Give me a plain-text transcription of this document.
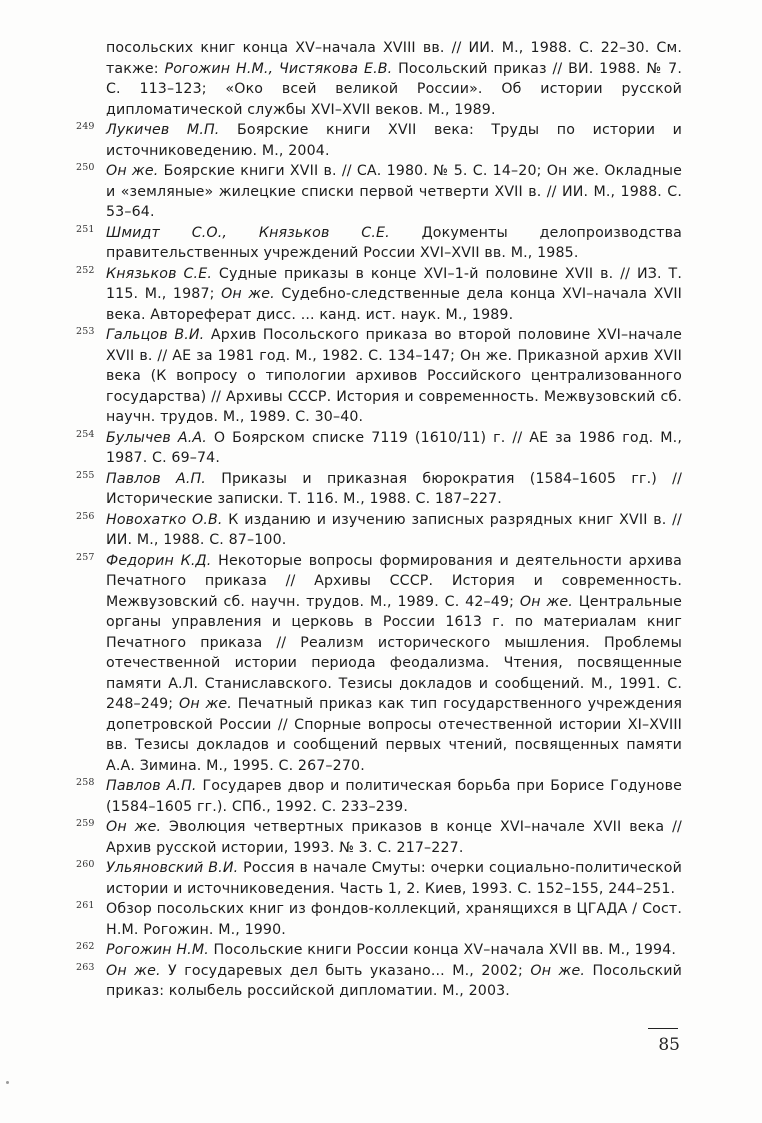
посольских книг конца XV–начала XVIII вв. // ИИ. М., 1988. С. 22–30. См. также: Рогожин Н.М., Чистякова Е.В. Посольский приказ // ВИ. 1988. № 7. С. 113–123; «Око всей великой России». Об истории русской дипломатической службы XVI–XVII веков. М., 1989.
249 Лукичев М.П. Боярские книги XVII века: Труды по истории и источниковедению. М., 2004.
250 Он же. Боярские книги XVII в. // СА. 1980. № 5. С. 14–20; Он же. Окладные и «земляные» жилецкие списки первой четверти XVII в. // ИИ. М., 1988. С. 53–64.
251 Шмидт С.О., Князьков С.Е. Документы делопроизводства правительственных учреждений России XVI–XVII вв. М., 1985.
252 Князьков С.Е. Судные приказы в конце XVI–1-й половине XVII в. // ИЗ. Т. 115. М., 1987; Он же. Судебно-следственные дела конца XVI–начала XVII века. Автореферат дисс. ... канд. ист. наук. М., 1989.
253 Гальцов В.И. Архив Посольского приказа во второй половине XVI–начале XVII в. // АЕ за 1981 год. М., 1982. С. 134–147; Он же. Приказной архив XVII века (К вопросу о типологии архивов Российского централизованного государства) // Архивы СССР. История и современность. Межвузовский сб. научн. трудов. М., 1989. С. 30–40.
254 Булычев А.А. О Боярском списке 7119 (1610/11) г. // АЕ за 1986 год. М., 1987. С. 69–74.
255 Павлов А.П. Приказы и приказная бюрократия (1584–1605 гг.) // Исторические записки. Т. 116. М., 1988. С. 187–227.
256 Новохатко О.В. К изданию и изучению записных разрядных книг XVII в. // ИИ. М., 1988. С. 87–100.
257 Федорин К.Д. Некоторые вопросы формирования и деятельности архива Печатного приказа // Архивы СССР. История и современность. Межвузовский сб. научн. трудов. М., 1989. С. 42–49; Он же. Центральные органы управления и церковь в России 1613 г. по материалам книг Печатного приказа // Реализм исторического мышления. Проблемы отечественной истории периода феодализма. Чтения, посвященные памяти А.Л. Станиславского. Тезисы докладов и сообщений. М., 1991. С. 248–249; Он же. Печатный приказ как тип государственного учреждения допетровской России // Спорные вопросы отечественной истории XI–XVIII вв. Тезисы докладов и сообщений первых чтений, посвященных памяти А.А. Зимина. М., 1995. С. 267–270.
258 Павлов А.П. Государев двор и политическая борьба при Борисе Годунове (1584–1605 гг.). СПб., 1992. С. 233–239.
259 Он же. Эволюция четвертных приказов в конце XVI–начале XVII века // Архив русской истории, 1993. № 3. С. 217–227.
260 Ульяновский В.И. Россия в начале Смуты: очерки социально-политической истории и источниковедения. Часть 1, 2. Киев, 1993. С. 152–155, 244–251.
261 Обзор посольских книг из фондов-коллекций, хранящихся в ЦГАДА / Сост. Н.М. Рогожин. М., 1990.
262 Рогожин Н.М. Посольские книги России конца XV–начала XVII вв. М., 1994.
263 Он же. У государевых дел быть указано... М., 2002; Он же. Посольский приказ: колыбель российской дипломатии. М., 2003.
85
